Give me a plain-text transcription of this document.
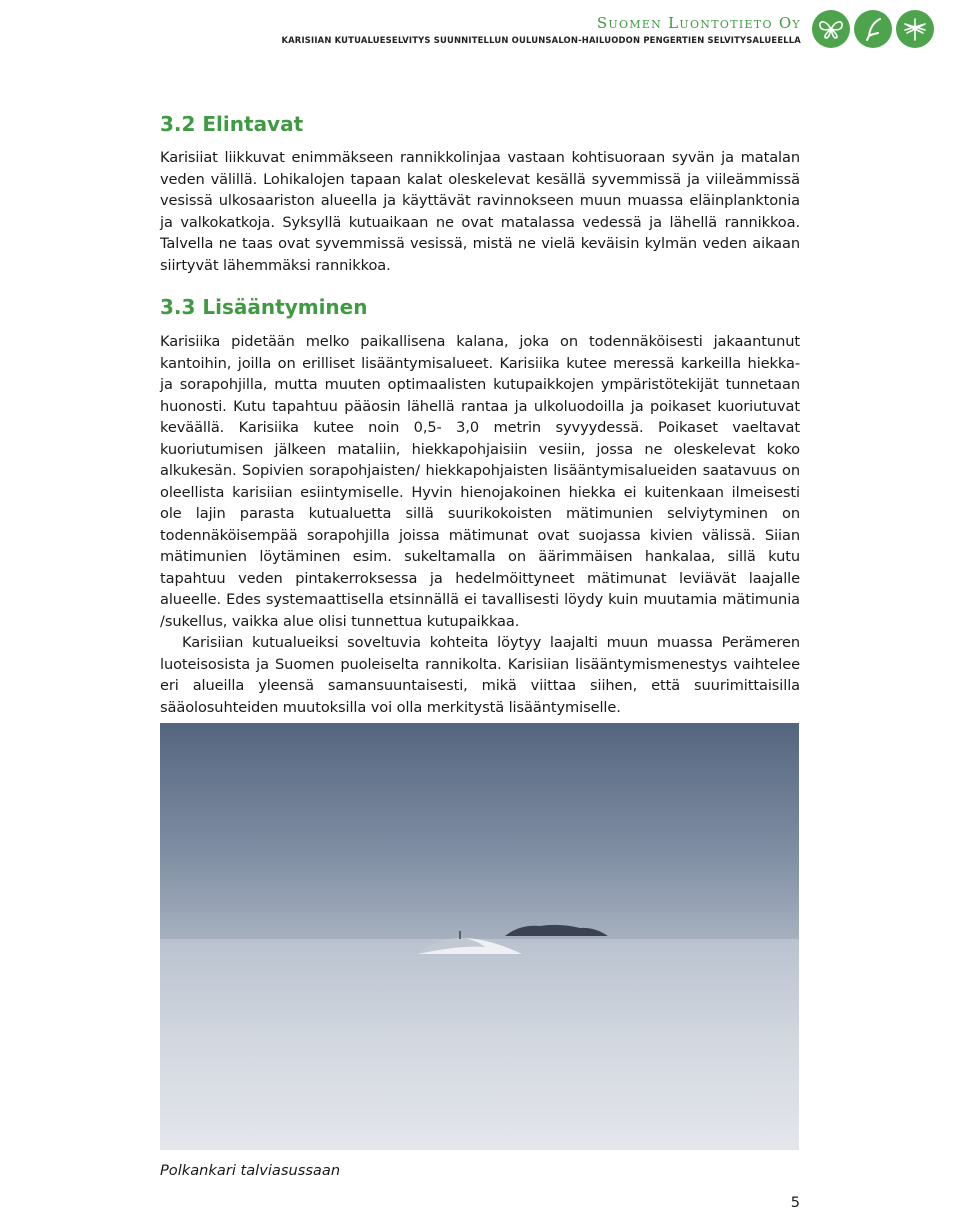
Suomen Luontotieto Oy
KARISIIAN KUTUALUESELVITYS SUUNNITELLUN OULUNSALON-HAILUODON PENGERTIEN SELVITYSALUEELLA
3.2 Elintavat

Karisiiat liikkuvat enimmäkseen rannikkolinjaa vastaan kohtisuoraan syvän ja matalan veden välillä. Lohikalojen tapaan kalat oleskelevat kesällä syvemmissä ja viileämmissä vesissä ulkosaariston alueella ja käyttävät ravinnokseen muun muassa eläinplanktonia ja valkokatkoja. Syksyllä kutuaikaan ne ovat matalassa vedessä ja lähellä rannikkoa. Talvella ne taas ovat syvemmissä vesissä, mistä ne vielä keväisin kylmän veden aikaan siirtyvät lähemmäksi rannikkoa.

3.3 Lisääntyminen

Karisiika pidetään melko paikallisena kalana, joka on todennäköisesti jakaantunut kantoihin, joilla on erilliset lisääntymisalueet. Karisiika kutee meressä karkeilla hiekka- ja sorapohjilla, mutta muuten optimaalisten kutupaikkojen ympäristötekijät tunnetaan huonosti. Kutu tapahtuu pääosin lähellä rantaa ja ulkoluodoilla ja poikaset kuoriutuvat keväällä. Karisiika kutee noin 0,5- 3,0 metrin syvyydessä. Poikaset vaeltavat kuoriutumisen jälkeen mataliin, hiekkapohjaisiin vesiin, jossa ne oleskelevat koko alkukesän. Sopivien sorapohjaisten/ hiekkapohjaisten lisääntymisalueiden saatavuus on oleellista karisiian esiintymiselle. Hyvin hienojakoinen hiekka ei kuitenkaan ilmeisesti ole lajin parasta kutualuetta sillä suurikokoisten mätimunien selviytyminen on todennäköisempää sorapohjilla joissa mätimunat ovat suojassa kivien välissä. Siian mätimunien löytäminen esim. sukeltamalla on äärimmäisen hankalaa, sillä kutu tapahtuu veden pintakerroksessa ja hedelmöittyneet mätimunat leviävät laajalle alueelle. Edes systemaattisella etsinnällä ei tavallisesti löydy kuin muutamia mätimunia /sukellus, vaikka alue olisi tunnettua kutupaikkaa.

Karisiian kutualueiksi soveltuvia kohteita löytyy laajalti muun muassa Perämeren luoteisosista ja Suomen puoleiselta rannikolta. Karisiian lisääntymismenestys vaihtelee eri alueilla yleensä samansuuntaisesti, mikä viittaa siihen, että suurimittaisilla sääolosuhteiden muutoksilla voi olla merkitystä lisääntymiselle.

Polkankari talviasussaan
5
